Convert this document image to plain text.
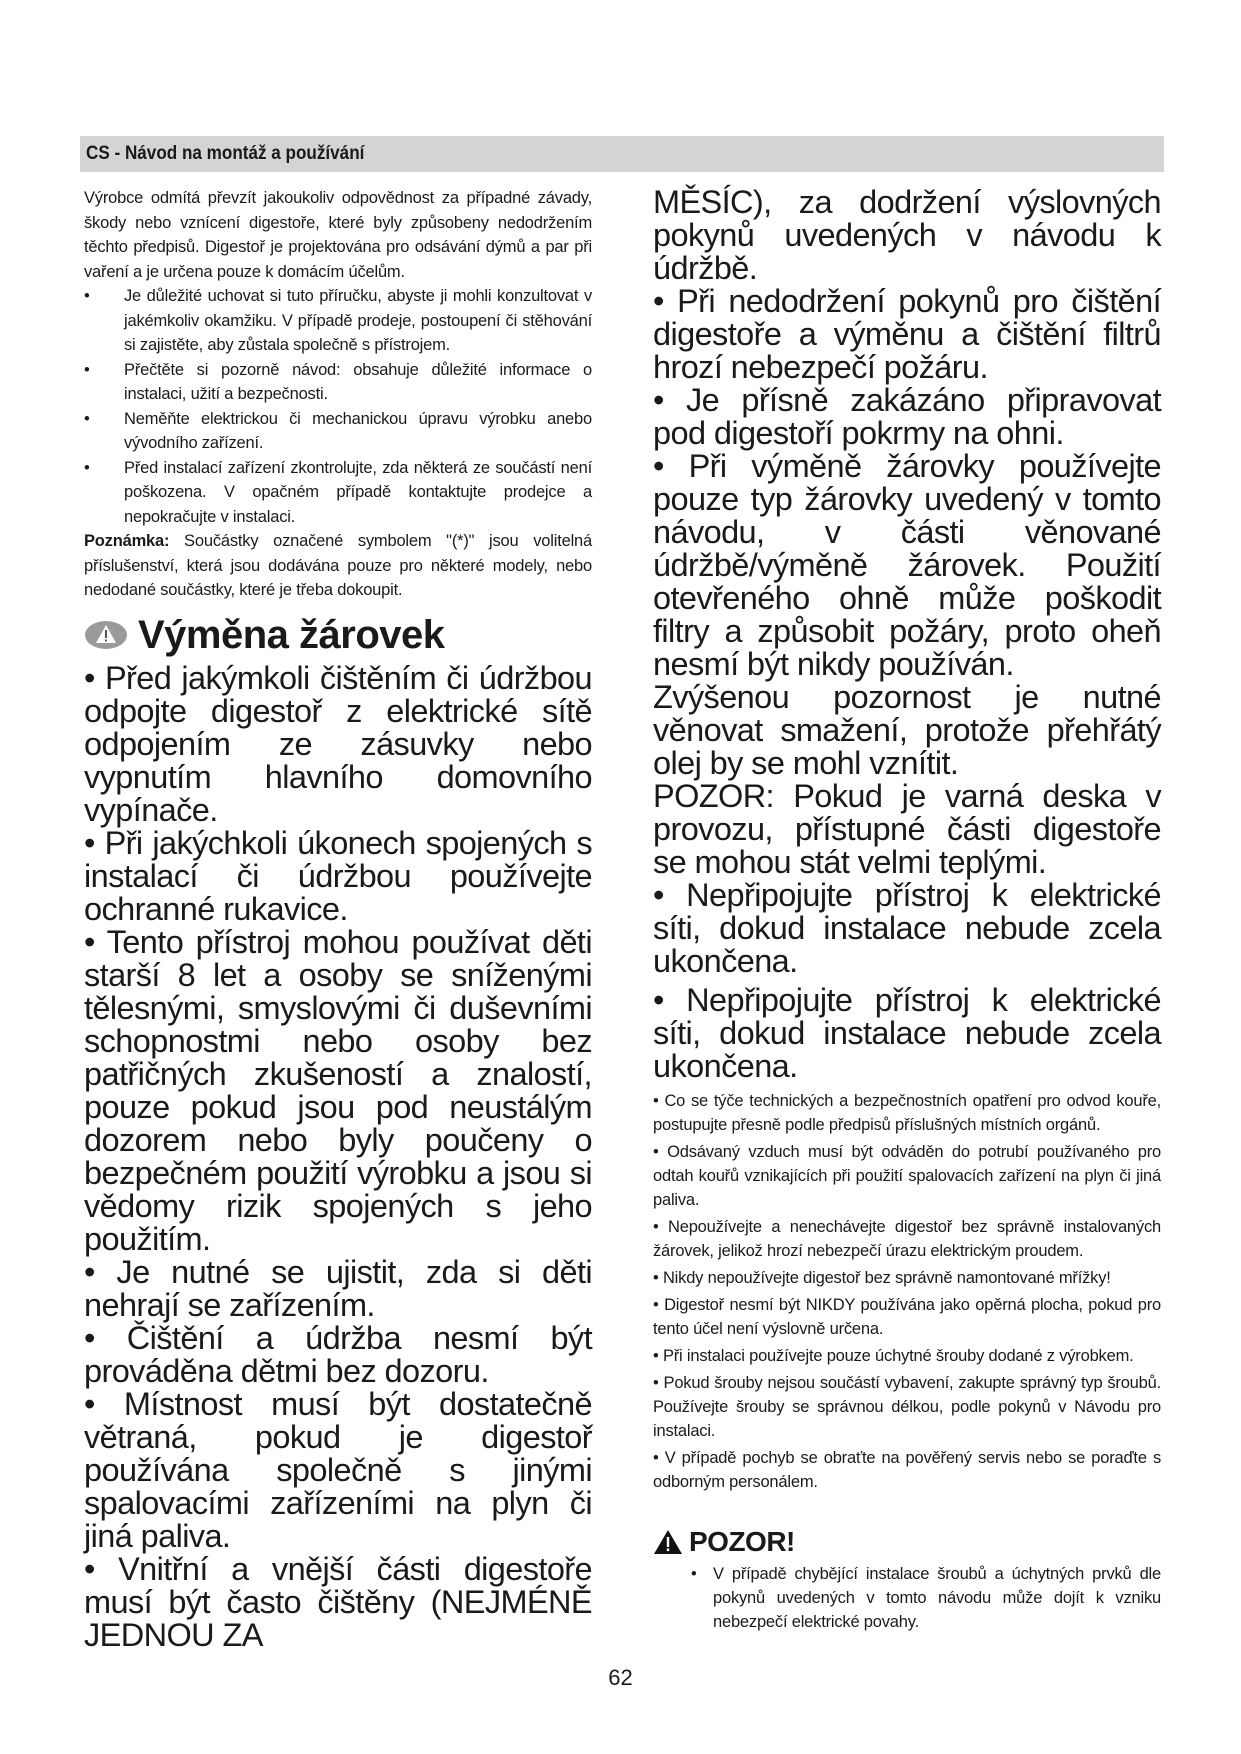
CS - Návod na montáž a používání

Výrobce odmítá převzít jakoukoliv odpovědnost za případné závady, škody nebo vznícení digestoře, které byly způsobeny nedodržením těchto předpisů. Digestoř je projektována pro odsávání dýmů a par při vaření a je určena pouze k domácím účelům.

•	Je důležité uchovat si tuto příručku, abyste ji mohli konzultovat v jakémkoliv okamžiku. V případě prodeje, postoupení či stěhování si zajistěte, aby zůstala společně s přístrojem.
•	Přečtěte si pozorně návod: obsahuje důležité informace o instalaci, užití a bezpečnosti.
•	Neměňte elektrickou či mechanickou úpravu výrobku anebo vývodního zařízení.
•	Před instalací zařízení zkontrolujte, zda některá ze součástí není poškozena. V opačném případě kontaktujte prodejce a nepokračujte v instalaci.

Poznámka: Součástky označené symbolem "(*)" jsou volitelná příslušenství, která jsou dodávána pouze pro některé modely, nebo nedodané součástky, které je třeba dokoupit.

Výměna žárovek

• Před jakýmkoli čištěním či údržbou odpojte digestoř z elektrické sítě odpojením ze zásuvky nebo vypnutím hlavního domovního vypínače.

• Při jakýchkoli úkonech spojených s instalací či údržbou používejte ochranné rukavice.

• Tento přístroj mohou používat děti starší 8 let a osoby se sníženými tělesnými, smyslovými či duševními schopnostmi nebo osoby bez patřičných zkušeností a znalostí, pouze pokud jsou pod neustálým dozorem nebo byly poučeny o bezpečném použití výrobku a jsou si vědomy rizik spojených s jeho použitím.

• Je nutné se ujistit, zda si děti nehrají se zařízením.

• Čištění a údržba nesmí být prováděna dětmi bez dozoru.

• Místnost musí být dostatečně větraná, pokud je digestoř používána společně s jinými spalovacími zařízeními na plyn či jiná paliva.

• Vnitřní a vnější části digestoře musí být často čištěny (NEJMÉNĚ JEDNOU ZA

MĚSÍC), za dodržení výslovných pokynů uvedených v návodu k údržbě.

• Při nedodržení pokynů pro čištění digestoře a výměnu a čištění filtrů hrozí nebezpečí požáru.

• Je přísně zakázáno připravovat pod digestoří pokrmy na ohni.

• Při výměně žárovky používejte pouze typ žárovky uvedený v tomto návodu, v části věnované údržbě/výměně žárovek. Použití otevřeného ohně může poškodit filtry a způsobit požáry, proto oheň nesmí být nikdy používán.

Zvýšenou pozornost je nutné věnovat smažení, protože přehřátý olej by se mohl vznítit.

POZOR: Pokud je varná deska v provozu, přístupné části digestoře se mohou stát velmi teplými.

• Nepřipojujte přístroj k elektrické síti, dokud instalace nebude zcela ukončena.

• Nepřipojujte přístroj k elektrické síti, dokud instalace nebude zcela ukončena.

• Co se týče technických a bezpečnostních opatření pro odvod kouře, postupujte přesně podle předpisů příslušných místních orgánů.

• Odsávaný vzduch musí být odváděn do potrubí používaného pro odtah kouřů vznikajících při použití spalovacích zařízení na plyn či jiná paliva.

• Nepoužívejte a nenechávejte digestoř bez správně instalovaných žárovek, jelikož hrozí nebezpečí úrazu elektrickým proudem.

• Nikdy nepoužívejte digestoř bez správně namontované mřížky!

• Digestoř nesmí být NIKDY používána jako opěrná plocha, pokud pro tento účel není výslovně určena.

• Při instalaci používejte pouze úchytné šrouby dodané z výrobkem.

• Pokud šrouby nejsou součástí vybavení, zakupte správný typ šroubů. Používejte šrouby se správnou délkou, podle pokynů v Návodu pro instalaci.

• V případě pochyb se obraťte na pověřený servis nebo se poraďte s odborným personálem.

POZOR!
• V případě chybějící instalace šroubů a úchytných prvků dle pokynů uvedených v tomto návodu může dojít k vzniku nebezpečí elektrické povahy.
62
